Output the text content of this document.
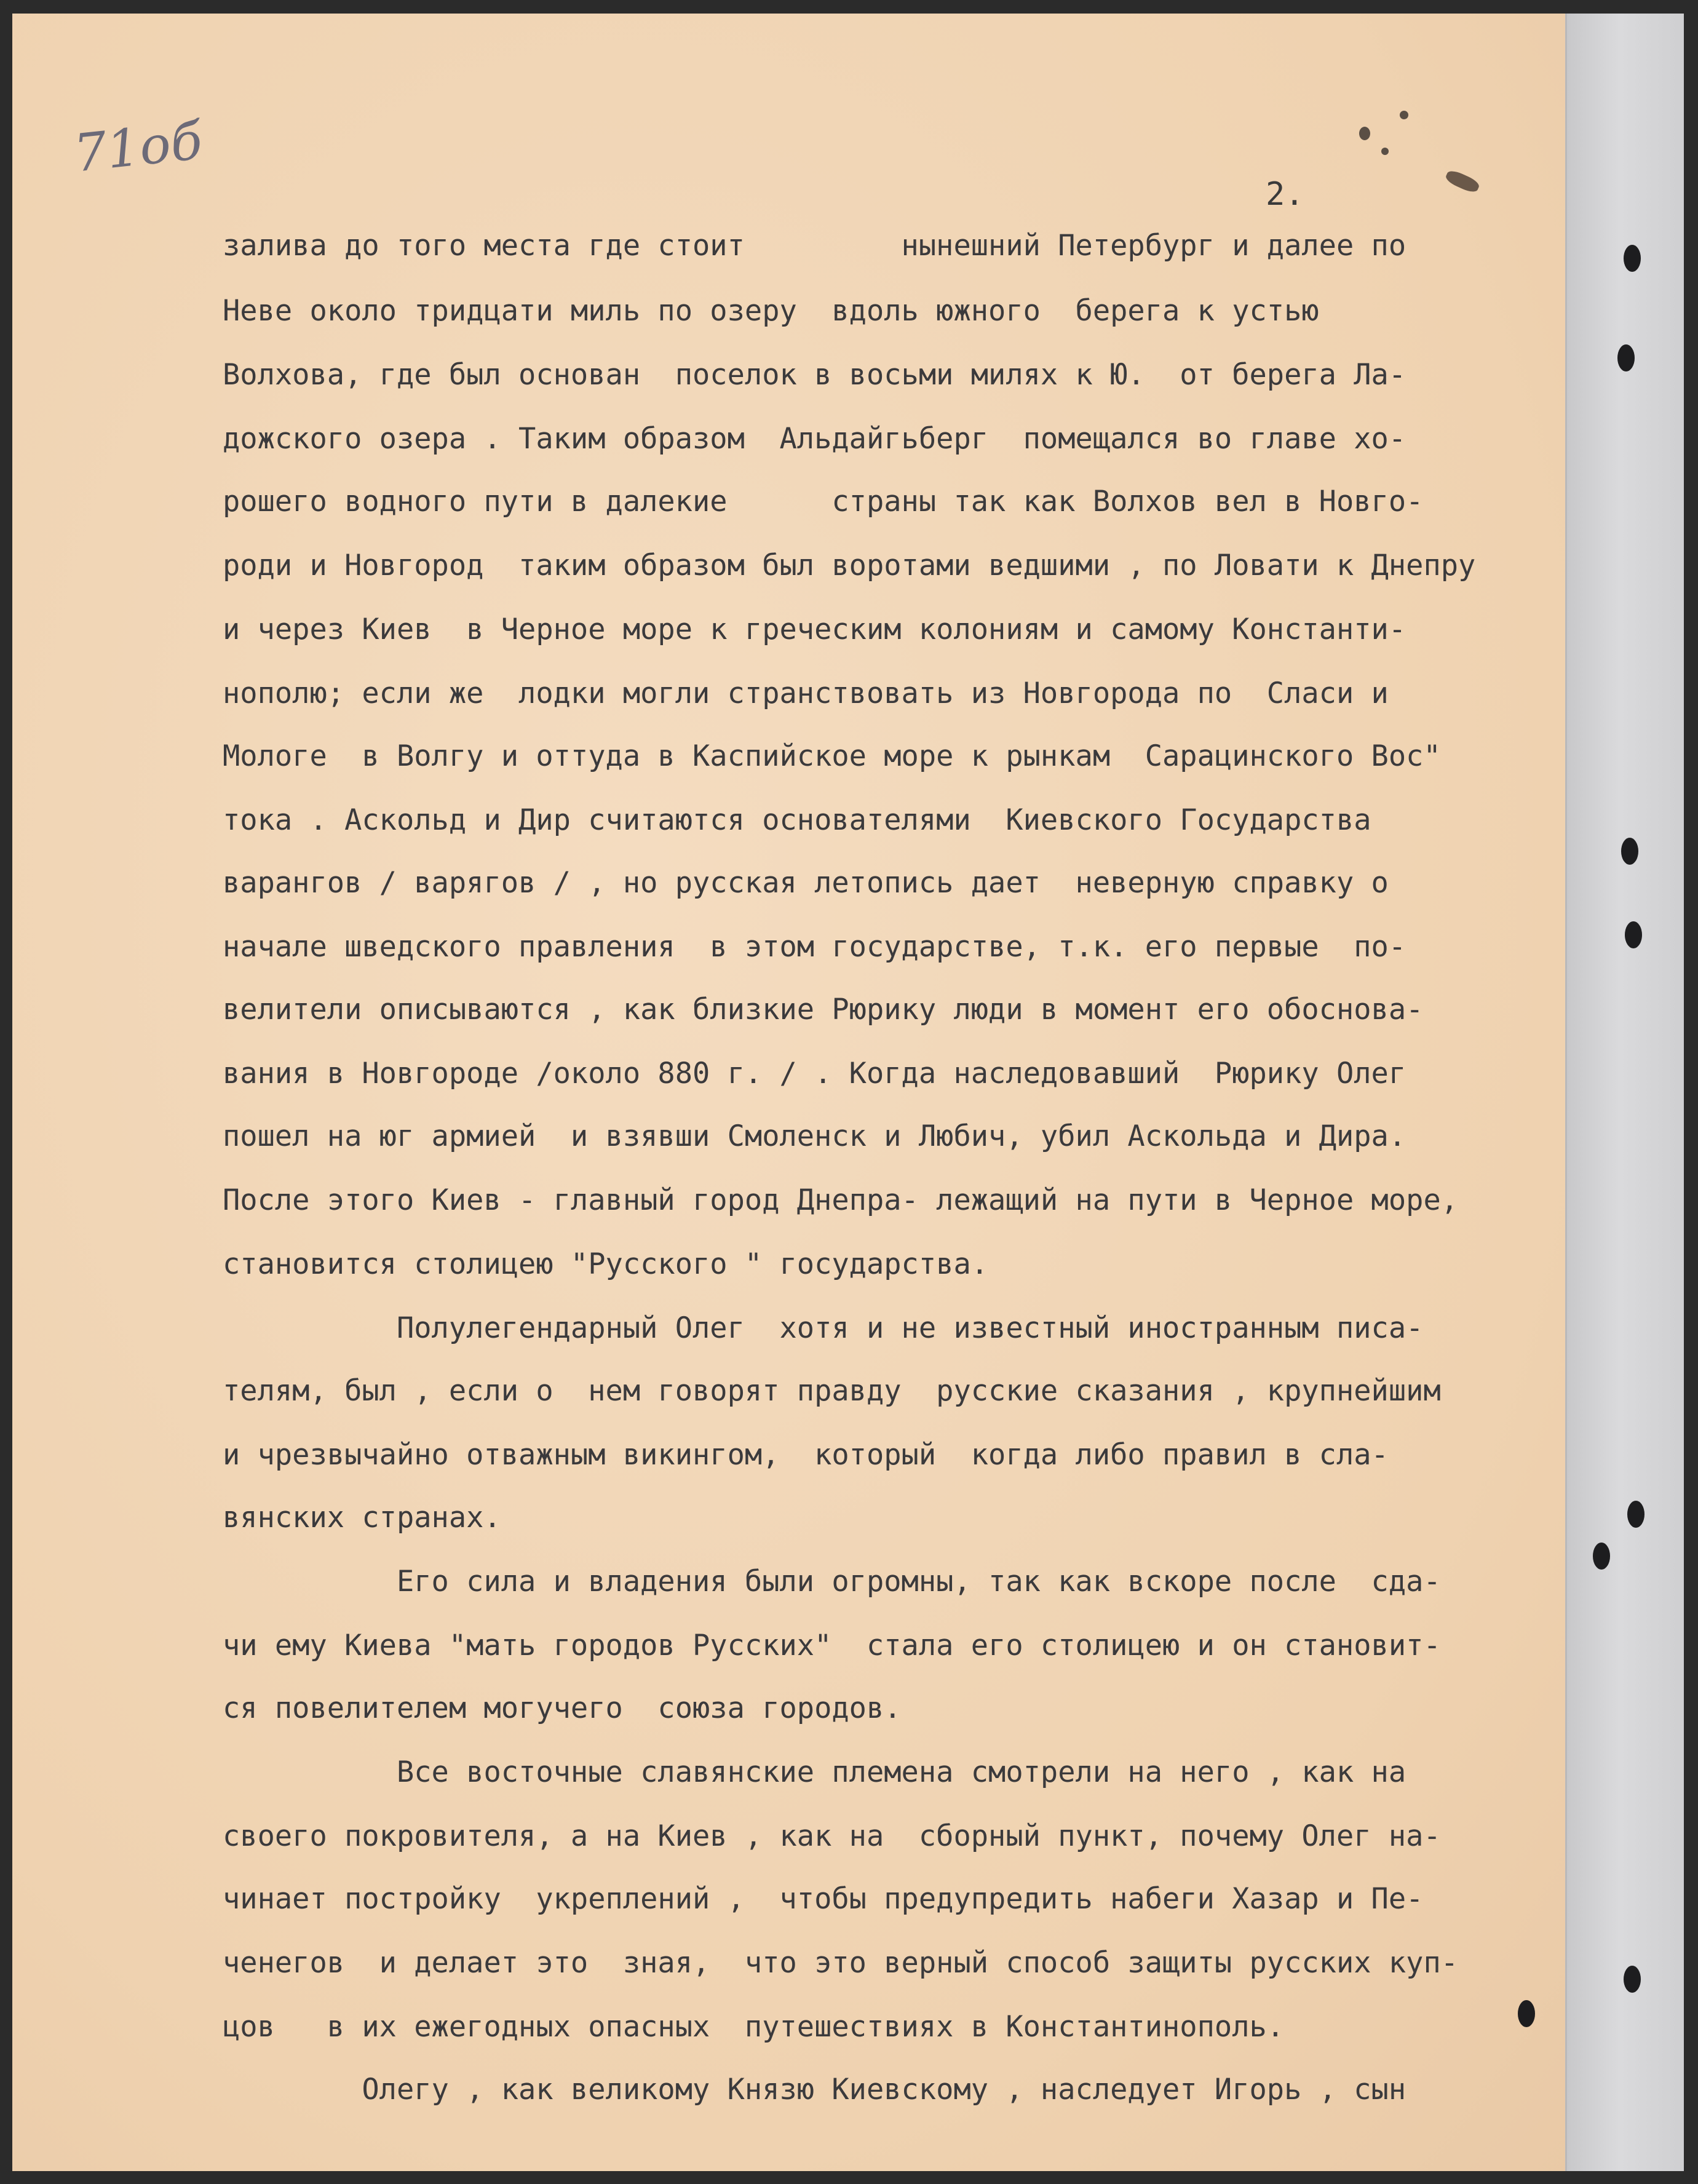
71об
2.
залива до того места где стоит         нынешний Петербург и далее по
Неве около тридцати миль по озеру  вдоль южного  берега к устью
Волхова, где был основан  поселок в восьми милях к Ю.  от берега Ла-
дожского озера . Таким образом  Альдайгьберг  помещался во главе хо-
рошего водного пути в далекие      страны так как Волхов вел в Новго-
роди и Новгород  таким образом был воротами ведшими , по Ловати к Днепру
и через Киев  в Черное море к греческим колониям и самому Константи-
нополю; если же  лодки могли странствовать из Новгорода по  Сласи и
Мологе  в Волгу и оттуда в Каспийское море к рынкам  Сарацинского Вос"
тока . Аскольд и Дир считаются основателями  Киевского Государства
варангов / варягов / , но русская летопись дает  неверную справку о
начале шведского правления  в этом государстве, т.к. его первые  по-
велители описываются , как близкие Рюрику люди в момент его обоснова-
вания в Новгороде /около 880 г. / . Когда наследовавший  Рюрику Олег
пошел на юг армией  и взявши Смоленск и Любич, убил Аскольда и Дира.
После этого Киев - главный город Днепра- лежащий на пути в Черное море,
становится столицею "Русского " государства.
Полулегендарный Олег  хотя и не известный иностранным писа-
телям, был , если о  нем говорят правду  русские сказания , крупнейшим
и чрезвычайно отважным викингом,  который  когда либо правил в сла-
вянских странах.
Его сила и владения были огромны, так как вскоре после  сда-
чи ему Киева "мать городов Русских"  стала его столицею и он становит-
ся повелителем могучего  союза городов.
Все восточные славянские племена смотрели на него , как на
своего покровителя, а на Киев , как на  сборный пункт, почему Олег на-
чинает постройку  укреплений ,  чтобы предупредить набеги Хазар и Пе-
ченегов  и делает это  зная,  что это верный способ защиты русских куп-
цов   в их ежегодных опасных  путешествиях в Константинополь.
Олегу , как великому Князю Киевскому , наследует Игорь , сын
